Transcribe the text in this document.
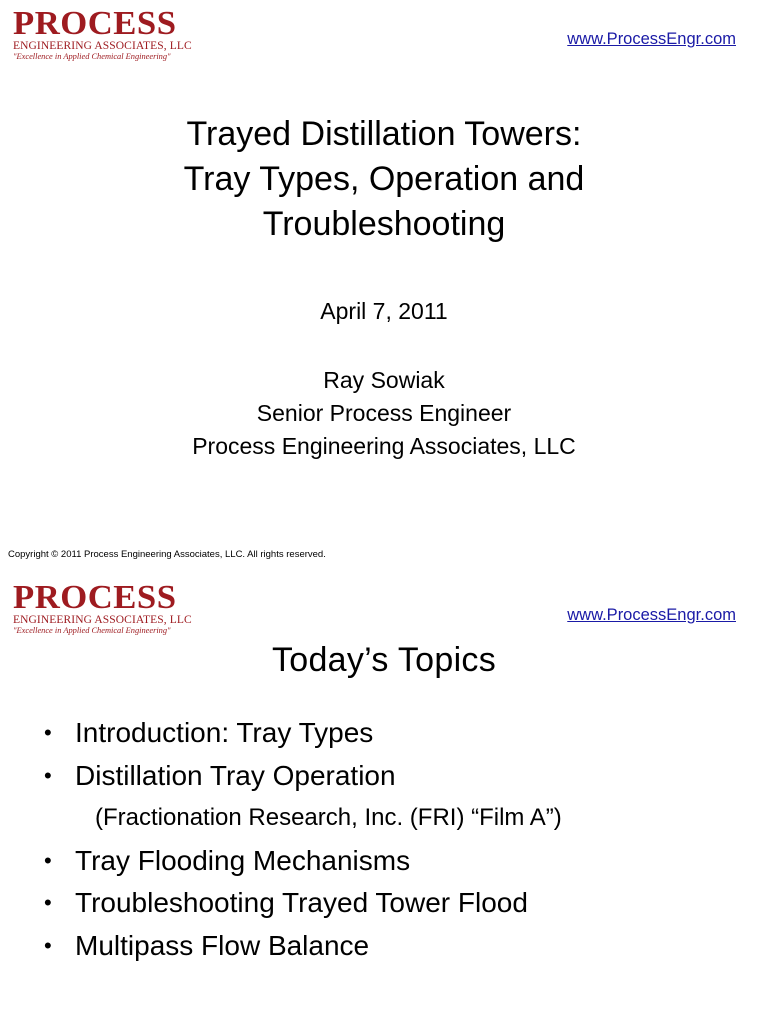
PROCESS
ENGINEERING ASSOCIATES, LLC
"Excellence in Applied Chemical Engineering"
www.ProcessEngr.com
Trayed Distillation Towers:
Tray Types, Operation and
Troubleshooting
April 7, 2011
Ray Sowiak
Senior Process Engineer
Process Engineering Associates, LLC
Copyright © 2011 Process Engineering Associates, LLC. All rights reserved.
PROCESS
ENGINEERING ASSOCIATES, LLC
"Excellence in Applied Chemical Engineering"
www.ProcessEngr.com
Today’s Topics
• Introduction: Tray Types
• Distillation Tray Operation
(Fractionation Research, Inc. (FRI) “Film A”)
• Tray Flooding Mechanisms
• Troubleshooting Trayed Tower Flood
• Multipass Flow Balance
